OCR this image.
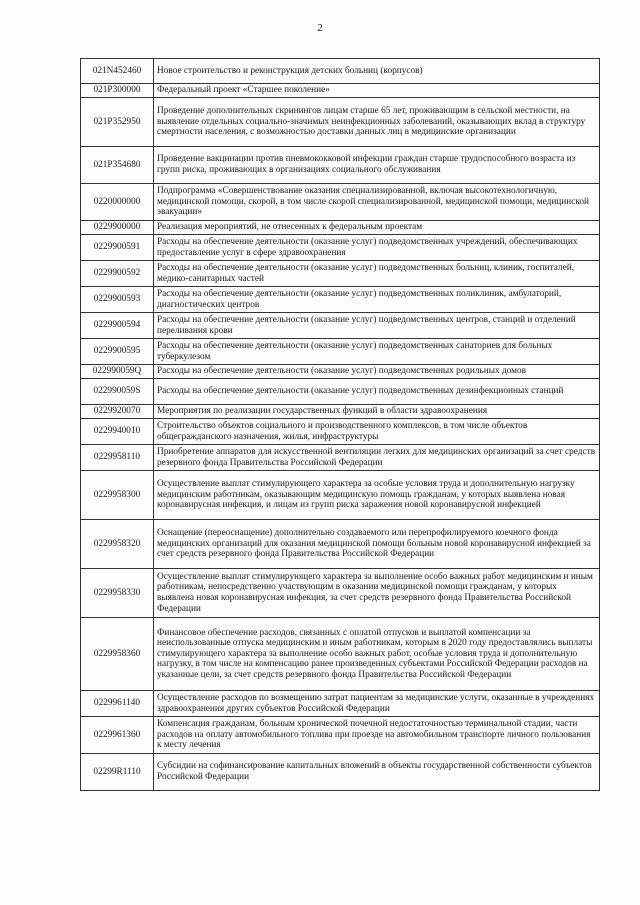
2
021N452460	Новое строительство и реконструкция детских больниц (корпусов)
021P300000	Федеральный проект «Старшее поколение»
021P352950	Проведение дополнительных скринингов лицам старше 65 лет, проживающим в сельской местности, на выявление отдельных социально-значимых неинфекционных заболеваний, оказывающих вклад в структуру смертности населения, с возможностью доставки данных лиц в медицинские организации
021P354680	Проведение вакцинации против пневмококковой инфекции граждан старше трудоспособного возраста из групп риска, проживающих в организациях социального обслуживания
0220000000	Подпрограмма «Совершенствование оказания специализированной, включая высокотехнологичную, медицинской помощи, скорой, в том числе скорой специализированной, медицинской помощи, медицинской эвакуации»
0229900000	Реализация мероприятий, не отнесенных к федеральным проектам
0229900591	Расходы на обеспечение деятельности (оказание услуг) подведомственных учреждений, обеспечивающих предоставление услуг в сфере здравоохранения
0229900592	Расходы на обеспечение деятельности (оказание услуг) подведомственных больниц, клиник, госпиталей, медико-санитарных частей
0229900593	Расходы на обеспечение деятельности (оказание услуг) подведомственных поликлиник, амбулаторий, диагностических центров
0229900594	Расходы на обеспечение деятельности (оказание услуг) подведомственных центров, станций и отделений переливания крови
0229900595	Расходы на обеспечение деятельности (оказание услуг) подведомственных санаториев для больных туберкулезом
022990059Q	Расходы на обеспечение деятельности (оказание услуг) подведомственных родильных домов
022990059S	Расходы на обеспечение деятельности (оказание услуг) подведомственных дезинфекционных станций
0229920070	Мероприятия по реализации государственных функций в области здравоохранения
0229940010	Строительство объектов социального и производственного комплексов, в том числе объектов общегражданского назначения, жилья, инфраструктуры
0229958110	Приобретение аппаратов для искусственной вентиляции легких для медицинских организаций за счет средств резервного фонда Правительства Российской Федерации
0229958300	Осуществление выплат стимулирующего характера за особые условия труда и дополнительную нагрузку медицинским работникам, оказывающим медицинскую помощь гражданам, у которых выявлена новая коронавирусная инфекция, и лицам из групп риска заражения новой коронавирусной инфекцией
0229958320	Оснащение (переоснащение) дополнительно создаваемого или перепрофилируемого коечного фонда медицинских организаций для оказания медицинской помощи больным новой коронавирусной инфекцией за счет средств резервного фонда Правительства Российской Федерации
0229958330	Осуществление выплат стимулирующего характера за выполнение особо важных работ медицинским и иным работникам, непосредственно участвующим в оказании медицинской помощи гражданам, у которых выявлена новая коронавирусная инфекция, за счет средств резервного фонда Правительства Российской Федерации
0229958360	Финансовое обеспечение расходов, связанных с оплатой отпусков и выплатой компенсации за неиспользованные отпуска медицинским и иным работникам, которым в 2020 году предоставлялись выплаты стимулирующего характера за выполнение особо важных работ, особые условия труда и дополнительную нагрузку, в том числе на компенсацию ранее произведенных субъектами Российской Федерации расходов на указанные цели, за счет средств резервного фонда Правительства Российской Федерации
0229961140	Осуществление расходов по возмещению затрат пациентам за медицинские услуги, оказанные в учреждениях здравоохранения других субъектов Российской Федерации
0229961360	Компенсация гражданам, больным хронической почечной недостаточностью терминальной стадии, части расходов на оплату автомобильного топлива при проезде на автомобильном транспорте личного пользования к месту лечения
02299R1110	Субсидии на софинансирование капитальных вложений в объекты государственной собственности субъектов Российской Федерации
